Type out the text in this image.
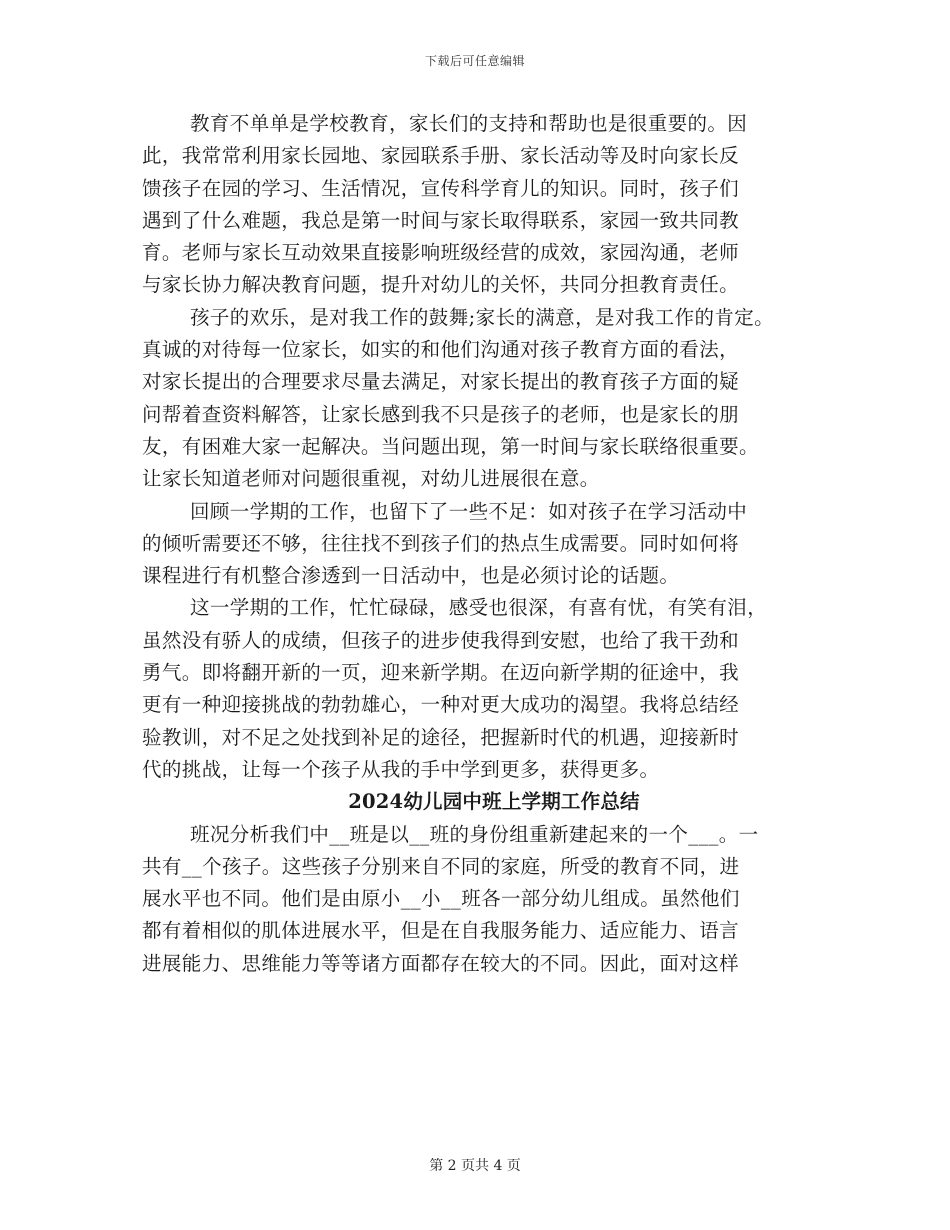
下载后可任意编辑
教育不单单是学校教育，家长们的支持和帮助也是很重要的。因
此，我常常利用家长园地、家园联系手册、家长活动等及时向家长反
馈孩子在园的学习、生活情况，宣传科学育儿的知识。同时，孩子们
遇到了什么难题，我总是第一时间与家长取得联系，家园一致共同教
育。老师与家长互动效果直接影响班级经营的成效，家园沟通，老师
与家长协力解决教育问题，提升对幼儿的关怀，共同分担教育责任。
孩子的欢乐，是对我工作的鼓舞;家长的满意，是对我工作的肯定。
真诚的对待每一位家长，如实的和他们沟通对孩子教育方面的看法，
对家长提出的合理要求尽量去满足，对家长提出的教育孩子方面的疑
问帮着查资料解答，让家长感到我不只是孩子的老师，也是家长的朋
友，有困难大家一起解决。当问题出现，第一时间与家长联络很重要。
让家长知道老师对问题很重视，对幼儿进展很在意。
回顾一学期的工作，也留下了一些不足：如对孩子在学习活动中
的倾听需要还不够，往往找不到孩子们的热点生成需要。同时如何将
课程进行有机整合渗透到一日活动中，也是必须讨论的话题。
这一学期的工作，忙忙碌碌，感受也很深，有喜有忧，有笑有泪，
虽然没有骄人的成绩，但孩子的进步使我得到安慰，也给了我干劲和
勇气。即将翻开新的一页，迎来新学期。在迈向新学期的征途中，我
更有一种迎接挑战的勃勃雄心，一种对更大成功的渴望。我将总结经
验教训，对不足之处找到补足的途径，把握新时代的机遇，迎接新时
代的挑战，让每一个孩子从我的手中学到更多，获得更多。
2024幼儿园中班上学期工作总结
班况分析我们中__班是以__班的身份组重新建起来的一个___。一
共有__个孩子。这些孩子分别来自不同的家庭，所受的教育不同，进
展水平也不同。他们是由原小__小__班各一部分幼儿组成。虽然他们
都有着相似的肌体进展水平，但是在自我服务能力、适应能力、语言
进展能力、思维能力等等诸方面都存在较大的不同。因此，面对这样
第 2 页共 4 页
